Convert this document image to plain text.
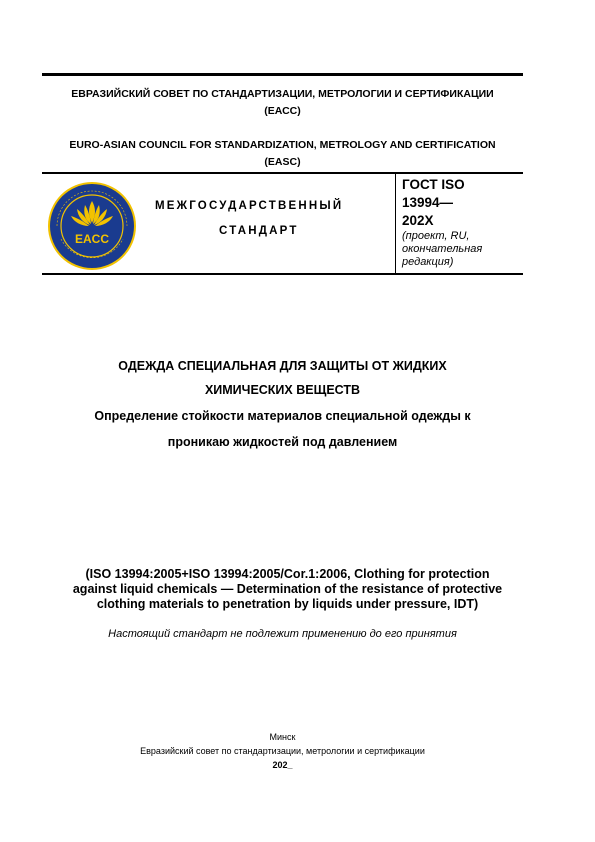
ЕВРАЗИЙСКИЙ СОВЕТ ПО СТАНДАРТИЗАЦИИ, МЕТРОЛОГИИ И СЕРТИФИКАЦИИ
(ЕАСС)
EURO-ASIAN COUNCIL FOR STANDARDIZATION, METROLOGY AND CERTIFICATION
(EASC)
EACC
МЕЖГОСУДАРСТВЕННЫЙ
СТАНДАРТ
ГОСТ ISO
13994—
202X
(проект, RU,
окончательная
редакция)
ОДЕЖДА СПЕЦИАЛЬНАЯ ДЛЯ ЗАЩИТЫ ОТ ЖИДКИХ
ХИМИЧЕСКИХ ВЕЩЕСТВ
Определение стойкости материалов специальной одежды к
проникаю жидкостей под давлением
(ISO 13994:2005+ISO 13994:2005/Cor.1:2006, Clothing for protection
against liquid chemicals — Determination of the resistance of protective
clothing materials to penetration by liquids under pressure, IDT)
Настоящий стандарт не подлежит применению до его принятия
Минск
Евразийский совет по стандартизации, метрологии и сертификации
202_
